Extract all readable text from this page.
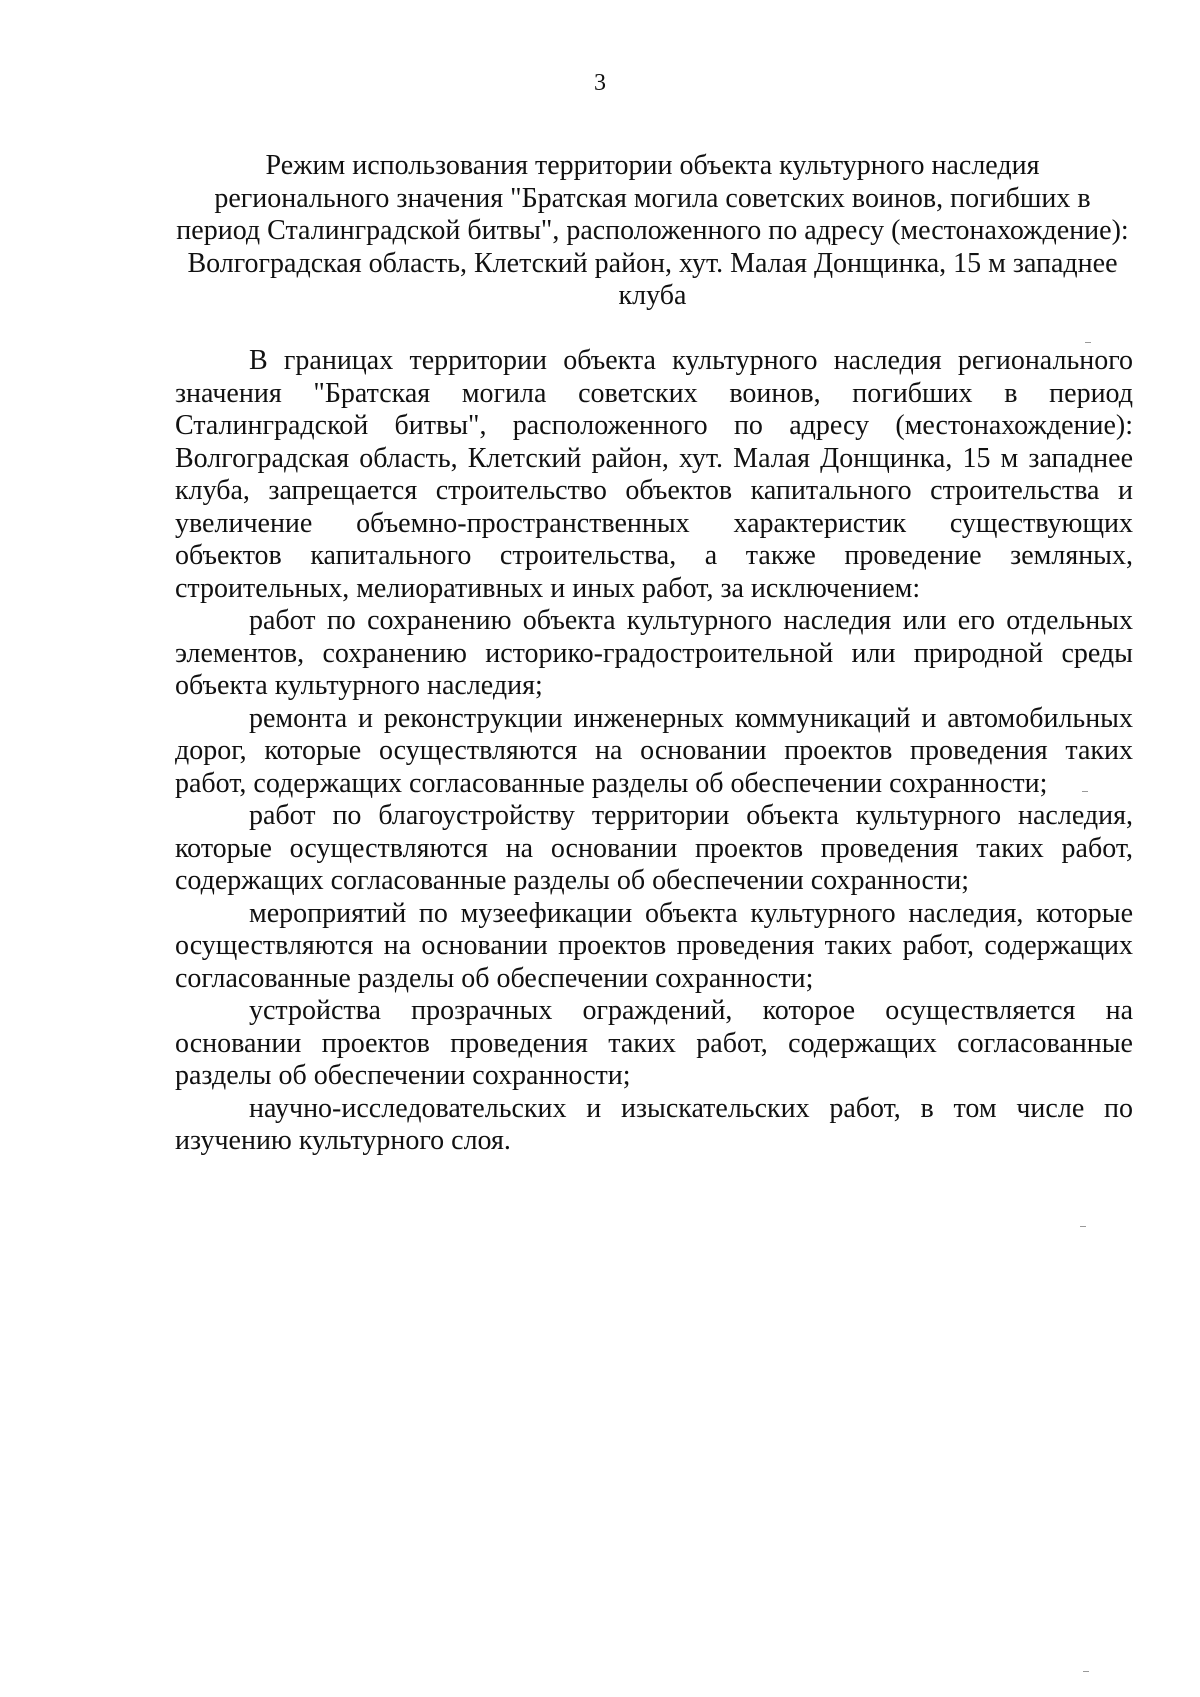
3
Режим использования территории объекта культурного наследия
регионального значения "Братская могила советских воинов, погибших в
период Сталинградской битвы", расположенного по адресу (местонахождение):
Волгоградская область, Клетский район, хут. Малая Донщинка, 15 м западнее
клуба

В границах территории объекта культурного наследия регионального значения "Братская могила советских воинов, погибших в период Сталинградской битвы", расположенного по адресу (местонахождение): Волгоградская область, Клетский район, хут. Малая Донщинка, 15 м западнее клуба, запрещается строительство объектов капитального строительства и увеличение объемно-пространственных характеристик существующих объектов капитального строительства, а также проведение земляных, строительных, мелиоративных и иных работ, за исключением:

работ по сохранению объекта культурного наследия или его отдельных элементов, сохранению историко-градостроительной или природной среды объекта культурного наследия;

ремонта и реконструкции инженерных коммуникаций и автомобильных дорог, которые осуществляются на основании проектов проведения таких работ, содержащих согласованные разделы об обеспечении сохранности;

работ по благоустройству территории объекта культурного наследия, которые осуществляются на основании проектов проведения таких работ, содержащих согласованные разделы об обеспечении сохранности;

мероприятий по музеефикации объекта культурного наследия, которые осуществляются на основании проектов проведения таких работ, содержащих согласованные разделы об обеспечении сохранности;

устройства прозрачных ограждений, которое осуществляется на основании проектов проведения таких работ, содержащих согласованные разделы об обеспечении сохранности;

научно-исследовательских и изыскательских работ, в том числе по изучению культурного слоя.
